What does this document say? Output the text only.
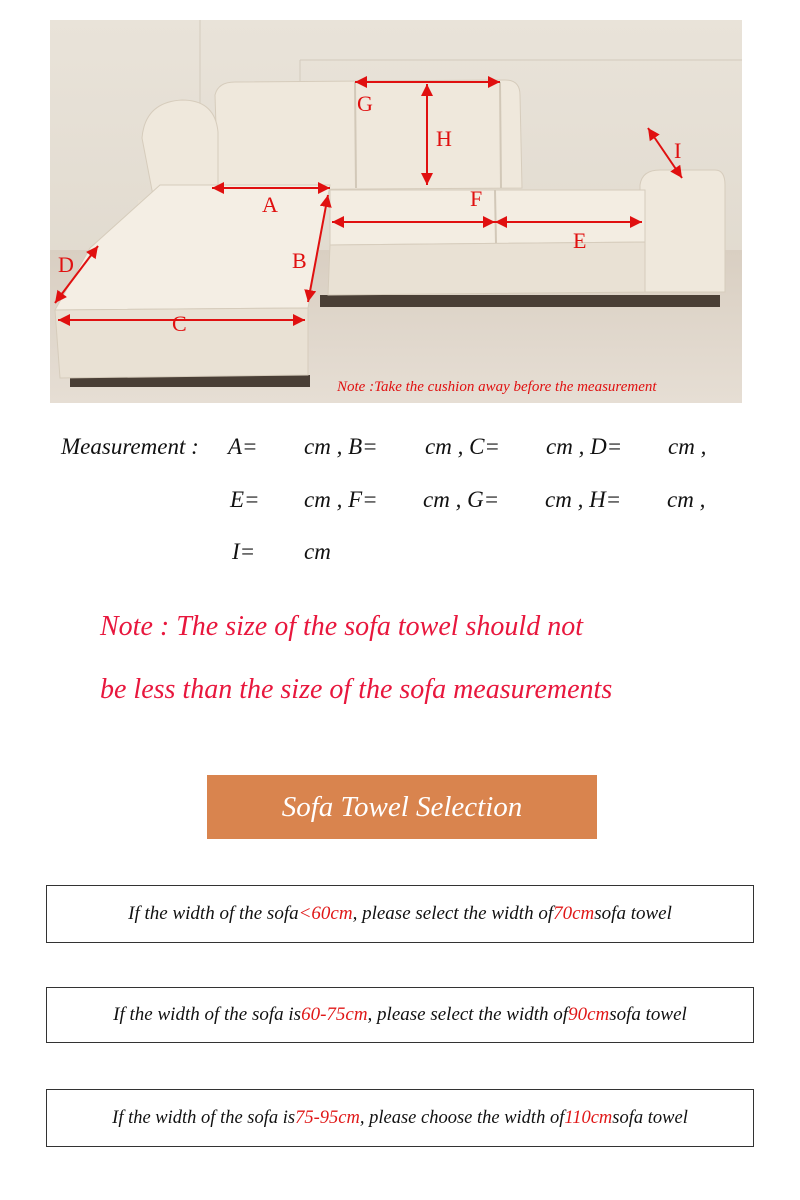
A
B
C
D
E
F
G
H	I
Note :Take the cushion away before the measurement
Measurement : A= cm , B= cm , C= cm , D= cm ,
E= cm , F= cm , G= cm , H= cm ,
I= cm
Note : The size of the sofa towel should not
be less than the size of the sofa measurements
Sofa Towel Selection
If the width of the sofa <60cm , please select the width of 70cm sofa towel
If the width of the sofa is 60-75cm , please select the width of 90cm sofa towel
If the width of the sofa is 75-95cm , please choose the width of 110cm sofa towel
